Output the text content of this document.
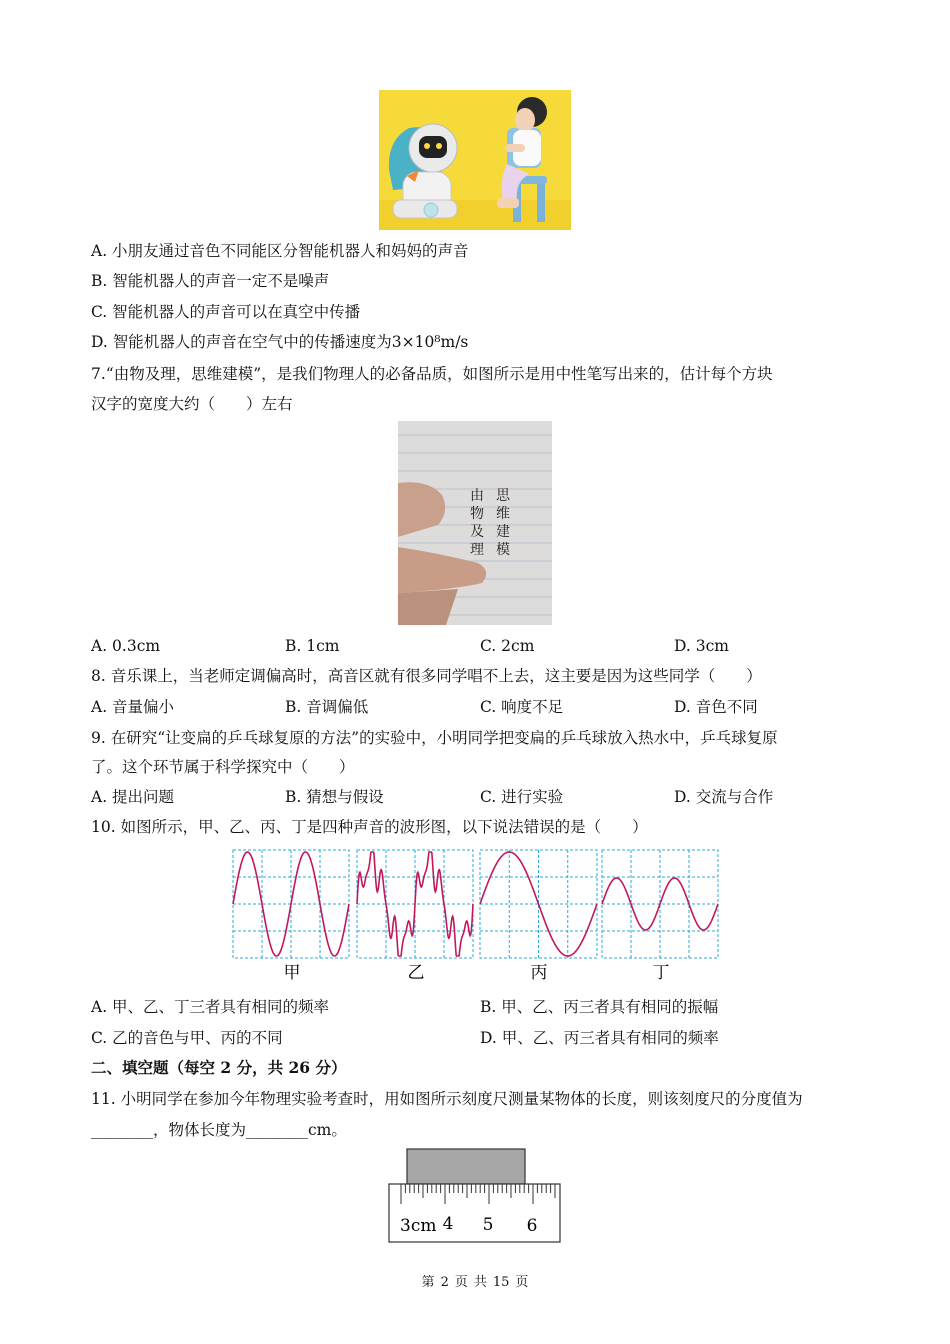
A. 小朋友通过音色不同能区分智能机器人和妈妈的声音
B. 智能机器人的声音一定不是噪声
C. 智能机器人的声音可以在真空中传播
D. 智能机器人的声音在空气中的传播速度为3×10⁸m/s
7.“由物及理，思维建模”，是我们物理人的必备品质，如图所示是用中性笔写出来的，估计每个方块
汉字的宽度大约（　　）左右
由
物
及
理
思
维
建
模
A. 0.3cm	B. 1cm	C. 2cm	D. 3cm
8. 音乐课上，当老师定调偏高时，高音区就有很多同学唱不上去，这主要是因为这些同学（　　）
A. 音量偏小	B. 音调偏低	C. 响度不足	D. 音色不同
9. 在研究“让变扁的乒乓球复原的方法”的实验中，小明同学把变扁的乒乓球放入热水中，乒乓球复原
了。这个环节属于科学探究中（　　）
A. 提出问题	B. 猜想与假设	C. 进行实验	D. 交流与合作
10. 如图所示，甲、乙、丙、丁是四种声音的波形图，以下说法错误的是（　　）
甲	乙	丙	丁
A. 甲、乙、丁三者具有相同的频率	B. 甲、乙、丙三者具有相同的振幅
C. 乙的音色与甲、丙的不同	D. 甲、乙、丙三者具有相同的频率
二、填空题（每空 2 分，共 26 分）
11. 小明同学在参加今年物理实验考查时，用如图所示刻度尺测量某物体的长度，则该刻度尺的分度值为
________，物体长度为________cm。
3cm 4 5 6
第 2 页 共 15 页
